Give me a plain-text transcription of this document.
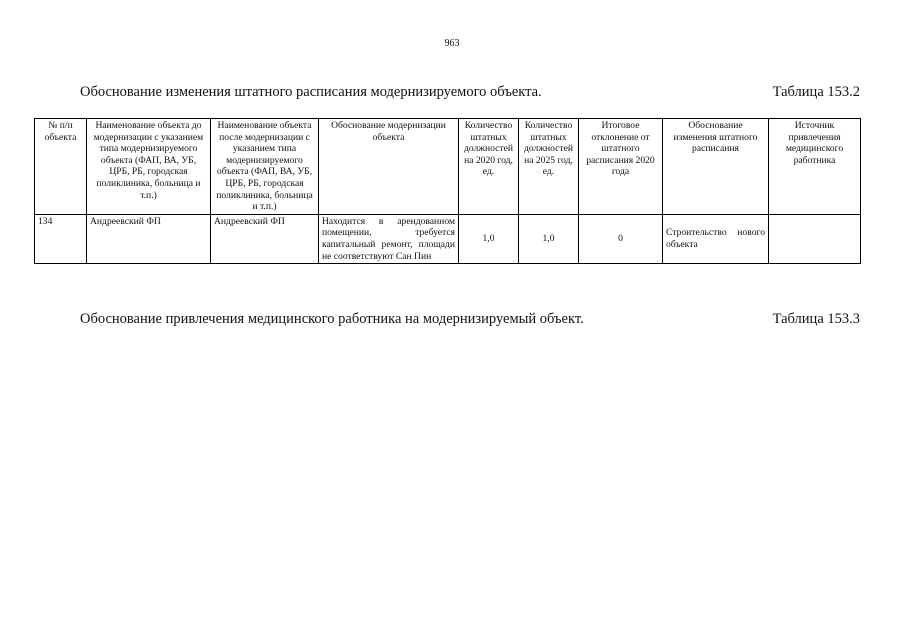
963
Обоснование изменения штатного расписания модернизируемого объекта.	Таблица 153.2
№ п/п объекта	Наименование объекта до модернизации с указанием типа модернизируемого объекта (ФАП, ВА, УБ, ЦРБ, РБ, городская поликлиника, больница и т.п.)	Наименование объекта после модернизации с указанием типа модернизируемого объекта (ФАП, ВА, УБ, ЦРБ, РБ, городская поликлиника, больница и т.п.)	Обоснование модернизации объекта	Количество штатных должностей на 2020 год, ед.	Количество штатных должностей на 2025 год, ед.	Итоговое отклонение от штатного расписания 2020 года	Обоснование изменения штатного расписания	Источник привлечения медицинского работника
134	Андреевский ФП	Андреевский ФП	Находится в арендованном помещении, требуется капитальный ремонт, площади не соответствуют Сан Пин	1,0	1,0	0	Строительство нового объекта	
Обоснование привлечения медицинского работника на модернизируемый объект.	Таблица 153.3
